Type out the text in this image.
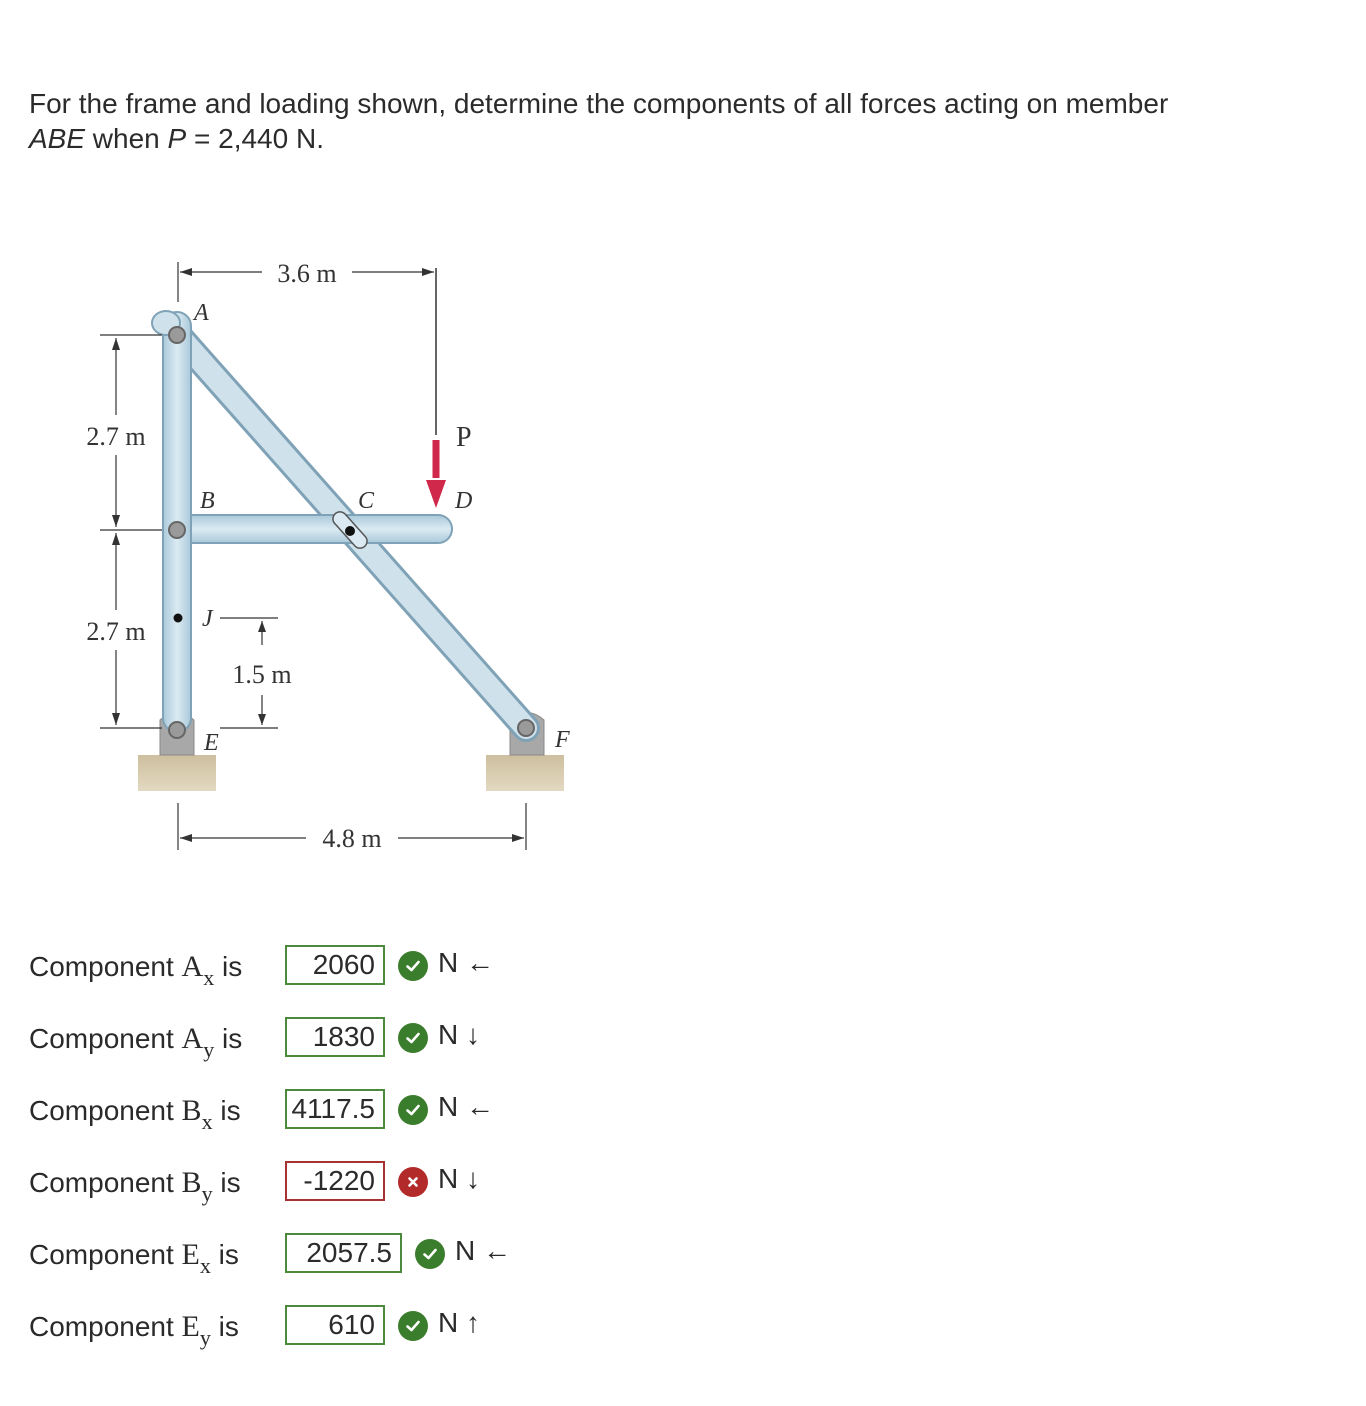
For the frame and loading shown, determine the components of all forces acting on member
ABE when P = 2,440 N.
3.6 m
2.7 m
2.7 m
1.5 m
4.8 m
A
B	C	D
E	F
J
P
Component $A_x$ is	2060	N ←
Component $A_y$ is	1830	N ↓
Component $B_x$ is 4117.5	N ←
Component $B_y$ is	-1220	N ↓
Component $E_x$ is	2057.5	N ←
Component $E_y$ is	610	N ↑
